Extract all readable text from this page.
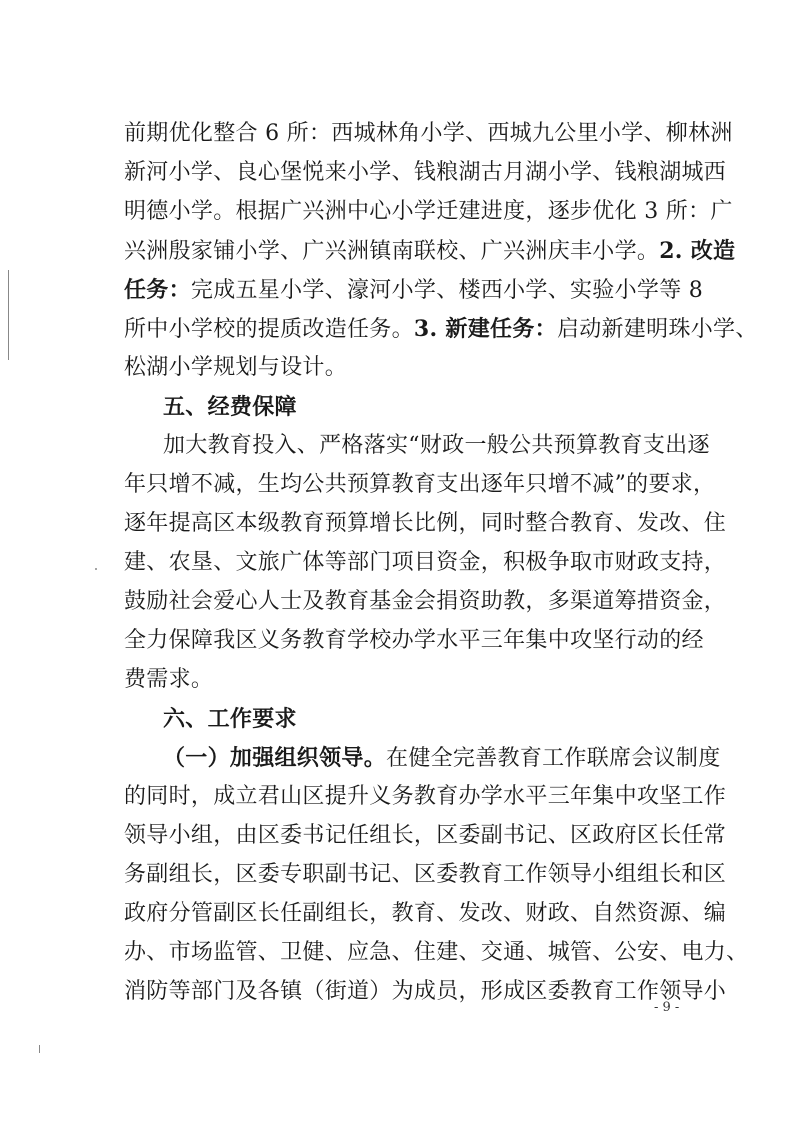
前期优化整合 6 所：西城林角小学、西城九公里小学、柳林洲
新河小学、良心堡悦来小学、钱粮湖古月湖小学、钱粮湖城西
明德小学。根据广兴洲中心小学迁建进度，逐步优化 3 所：广
兴洲殷家铺小学、广兴洲镇南联校、广兴洲庆丰小学。2. 改造
任务：完成五星小学、濠河小学、楼西小学、实验小学等 8
所中小学校的提质改造任务。3. 新建任务：启动新建明珠小学、
松湖小学规划与设计。
五、经费保障
加大教育投入、严格落实“财政一般公共预算教育支出逐
年只增不减，生均公共预算教育支出逐年只增不减”的要求，
逐年提高区本级教育预算增长比例，同时整合教育、发改、住
建、农垦、文旅广体等部门项目资金，积极争取市财政支持，
鼓励社会爱心人士及教育基金会捐资助教，多渠道筹措资金，
全力保障我区义务教育学校办学水平三年集中攻坚行动的经
费需求。
六、工作要求
（一）加强组织领导。在健全完善教育工作联席会议制度
的同时，成立君山区提升义务教育办学水平三年集中攻坚工作
领导小组，由区委书记任组长，区委副书记、区政府区长任常
务副组长，区委专职副书记、区委教育工作领导小组组长和区
政府分管副区长任副组长，教育、发改、财政、自然资源、编
办、市场监管、卫健、应急、住建、交通、城管、公安、电力、
消防等部门及各镇（街道）为成员，形成区委教育工作领导小
- 9 -
